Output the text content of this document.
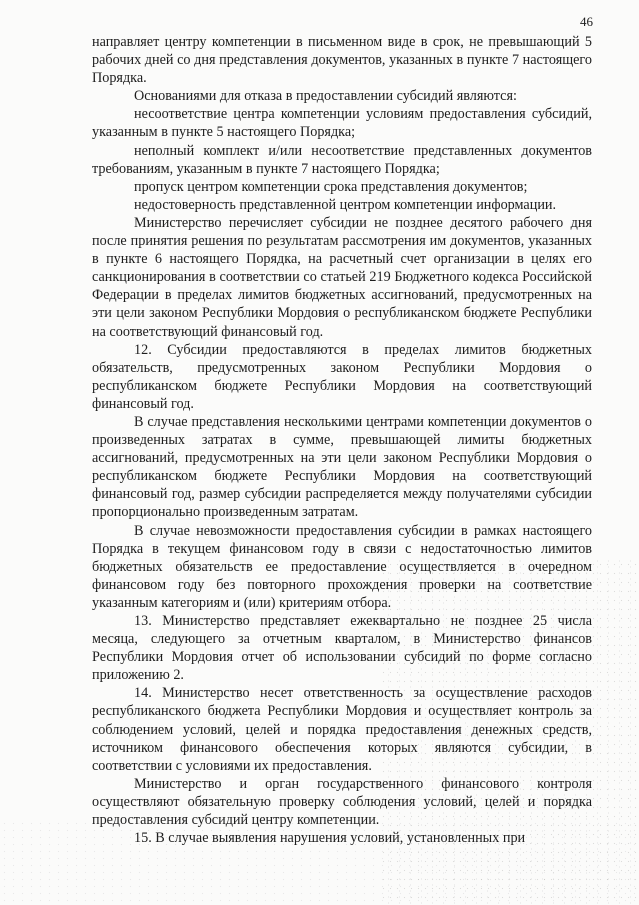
46

направляет центру компетенции в письменном виде в срок, не превышающий 5 рабочих дней со дня представления документов, указанных в пункте 7 настоящего Порядка.

Основаниями для отказа в предоставлении субсидий являются:

несоответствие центра компетенции условиям предоставления субсидий, указанным в пункте 5 настоящего Порядка;

неполный комплект и/или несоответствие представленных документов требованиям, указанным в пункте 7 настоящего Порядка;

пропуск центром компетенции срока представления документов;

недостоверность представленной центром компетенции информации.

Министерство перечисляет субсидии не позднее десятого рабочего дня после принятия решения по результатам рассмотрения им документов, указанных в пункте 6 настоящего Порядка, на расчетный счет организации в целях его санкционирования в соответствии со статьей 219 Бюджетного кодекса Российской Федерации в пределах лимитов бюджетных ассигнований, предусмотренных на эти цели законом Республики Мордовия о республиканском бюджете Республики на соответствующий финансовый год.

12. Субсидии предоставляются в пределах лимитов бюджетных обязательств, предусмотренных законом Республики Мордовия о республиканском бюджете Республики Мордовия на соответствующий финансовый год.

В случае представления несколькими центрами компетенции документов о произведенных затратах в сумме, превышающей лимиты бюджетных ассигнований, предусмотренных на эти цели законом Республики Мордовия о республиканском бюджете Республики Мордовия на соответствующий финансовый год, размер субсидии распределяется между получателями субсидии пропорционально произведенным затратам.

В случае невозможности предоставления субсидии в рамках настоящего Порядка в текущем финансовом году в связи с недостаточностью лимитов бюджетных обязательств ее предоставление осуществляется в очередном финансовом году без повторного прохождения проверки на соответствие указанным категориям и (или) критериям отбора.

13. Министерство представляет ежеквартально не позднее 25 числа месяца, следующего за отчетным кварталом, в Министерство финансов Республики Мордовия отчет об использовании субсидий по форме согласно приложению 2.

14. Министерство несет ответственность за осуществление расходов республиканского бюджета Республики Мордовия и осуществляет контроль за соблюдением условий, целей и порядка предоставления денежных средств, источником финансового обеспечения которых являются субсидии, в соответствии с условиями их предоставления.

Министерство и орган государственного финансового контроля осуществляют обязательную проверку соблюдения условий, целей и порядка предоставления субсидий центру компетенции.

15. В случае выявления нарушения условий, установленных при
